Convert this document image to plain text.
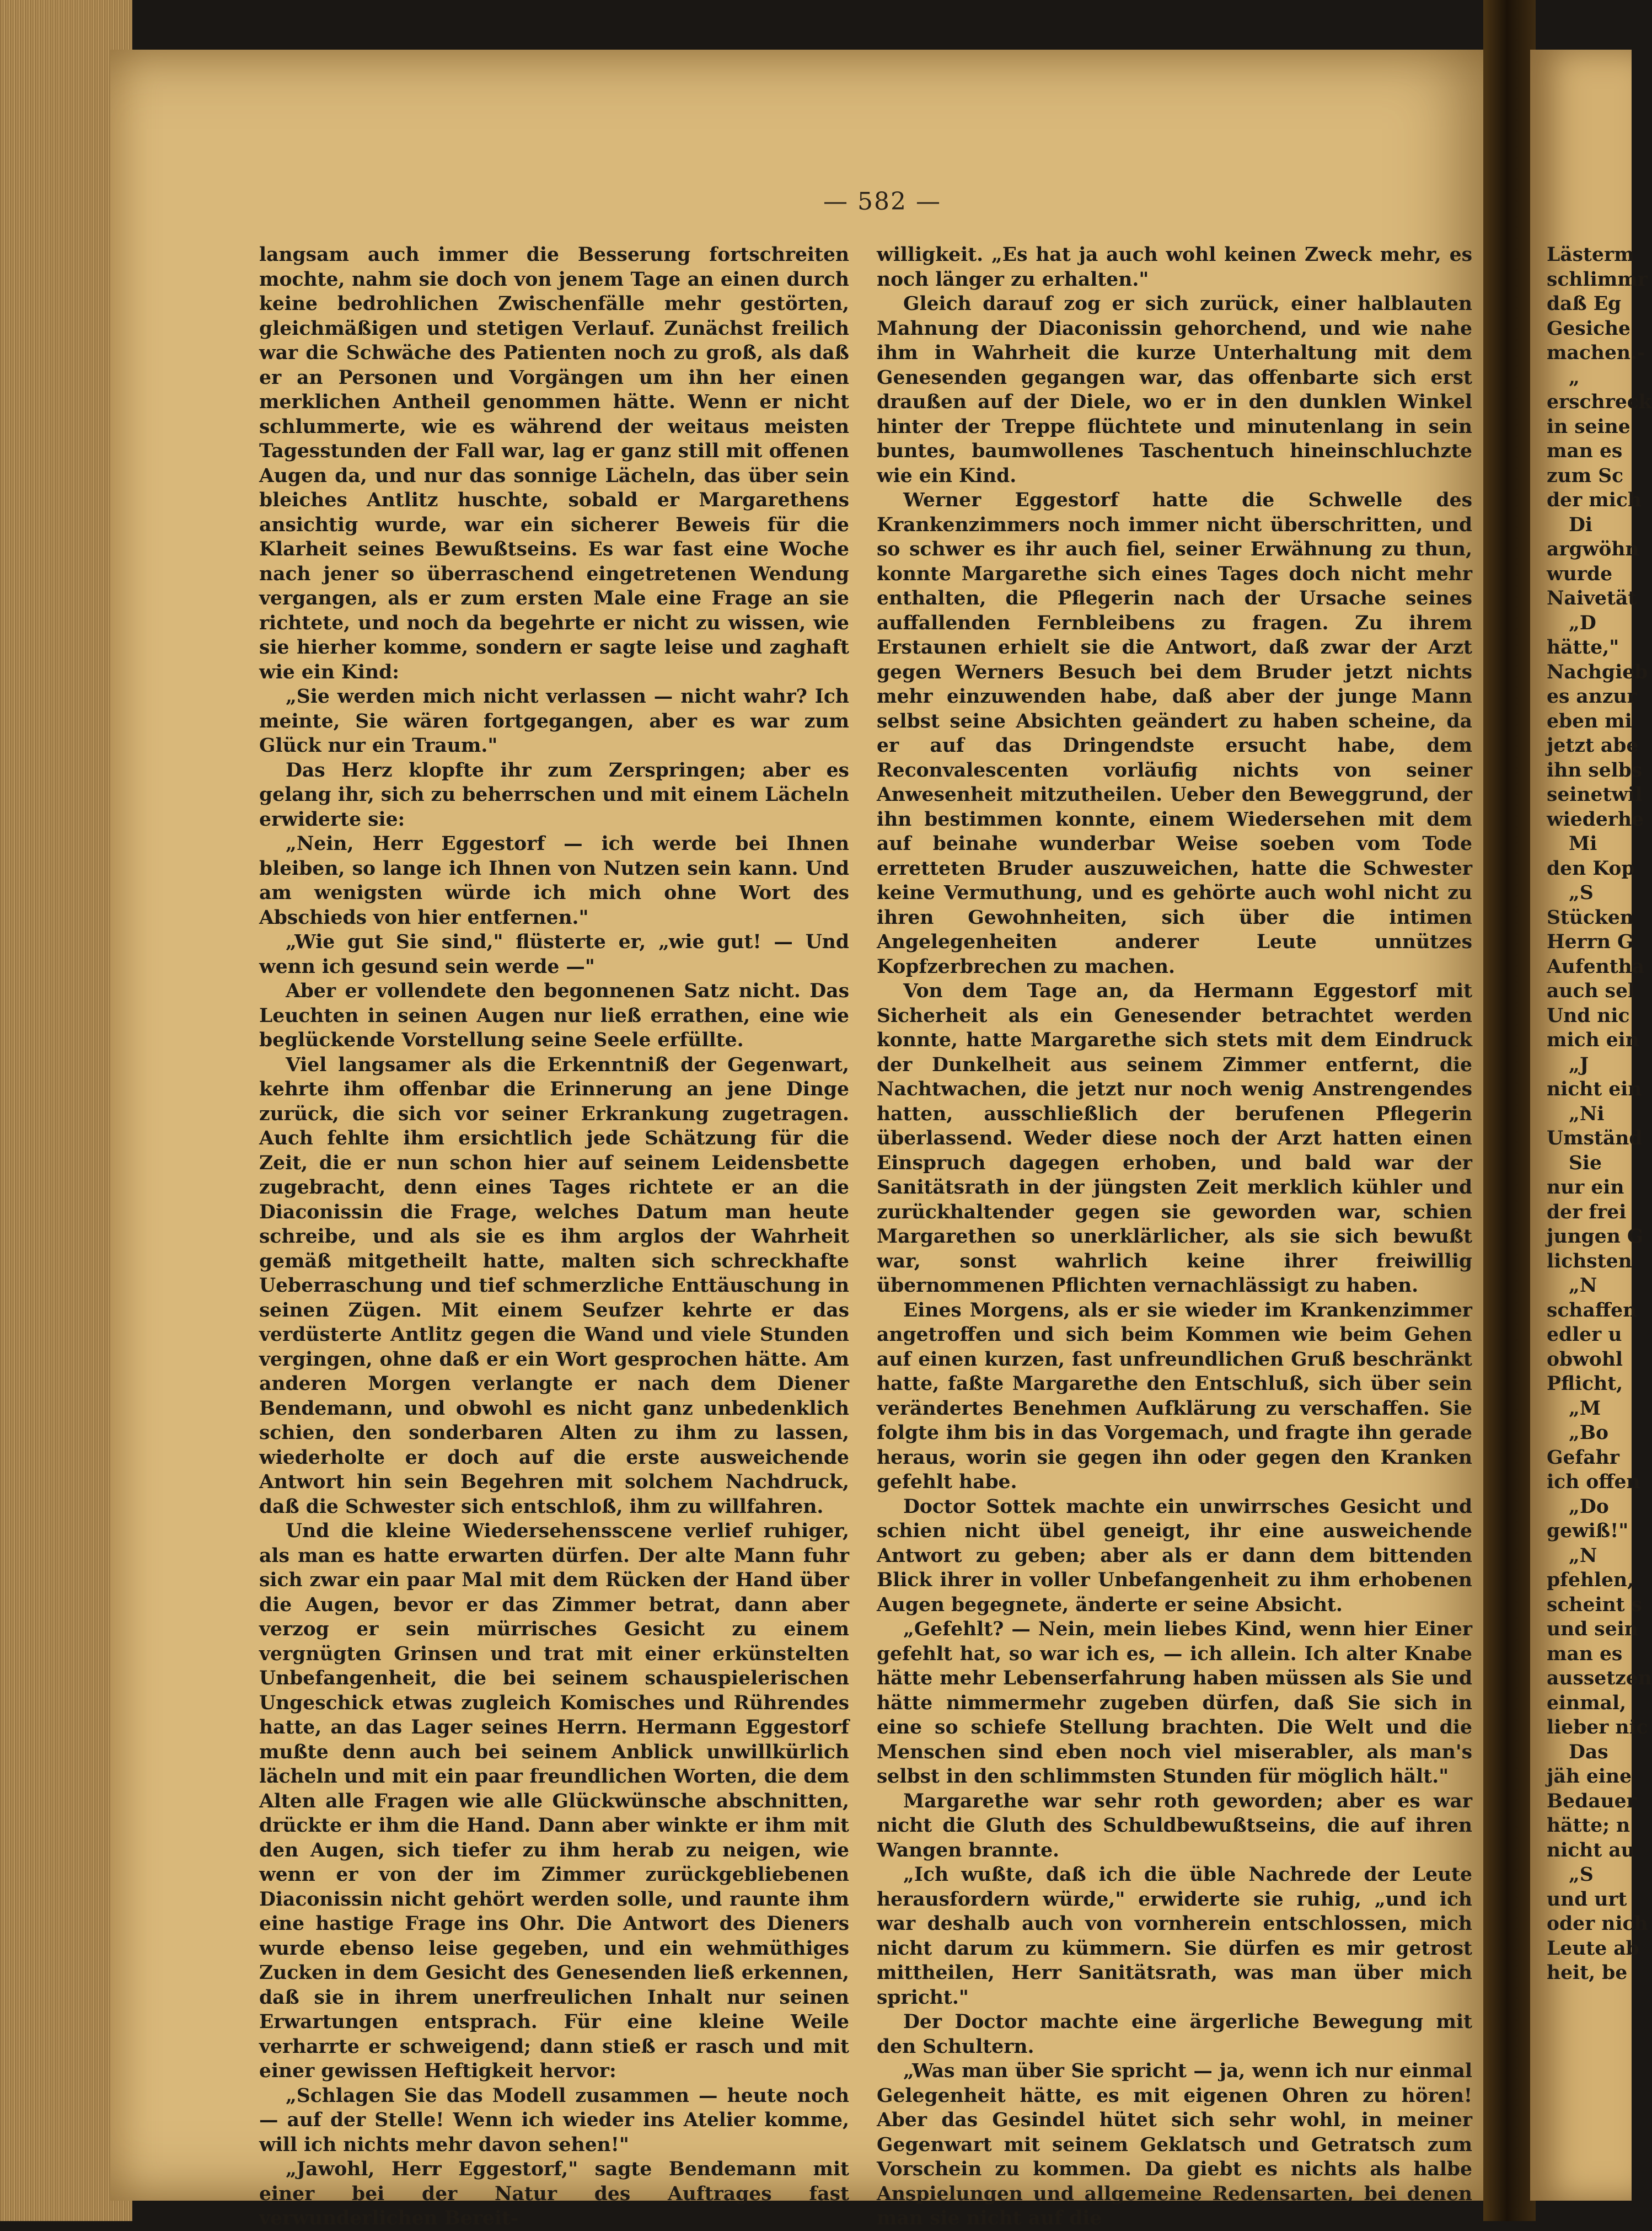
— 582 —

langsam auch immer die Besserung fortschreiten mochte, nahm sie doch von jenem Tage an einen durch keine bedrohlichen Zwischenfälle mehr gestörten, gleichmäßigen und stetigen Verlauf. Zunächst freilich war die Schwäche des Patienten noch zu groß, als daß er an Personen und Vorgängen um ihn her einen merklichen Antheil genommen hätte. Wenn er nicht schlummerte, wie es während der weitaus meisten Tagesstunden der Fall war, lag er ganz still mit offenen Augen da, und nur das sonnige Lächeln, das über sein bleiches Antlitz huschte, sobald er Margarethens ansichtig wurde, war ein sicherer Beweis für die Klarheit seines Bewußtseins. Es war fast eine Woche nach jener so überraschend eingetretenen Wendung vergangen, als er zum ersten Male eine Frage an sie richtete, und noch da begehrte er nicht zu wissen, wie sie hierher komme, sondern er sagte leise und zaghaft wie ein Kind:

„Sie werden mich nicht verlassen — nicht wahr? Ich meinte, Sie wären fortgegangen, aber es war zum Glück nur ein Traum."

Das Herz klopfte ihr zum Zerspringen; aber es gelang ihr, sich zu beherrschen und mit einem Lächeln erwiderte sie:

„Nein, Herr Eggestorf — ich werde bei Ihnen bleiben, so lange ich Ihnen von Nutzen sein kann. Und am wenigsten würde ich mich ohne Wort des Abschieds von hier entfernen."

„Wie gut Sie sind," flüsterte er, „wie gut! — Und wenn ich gesund sein werde —"

Aber er vollendete den begonnenen Satz nicht. Das Leuchten in seinen Augen nur ließ errathen, eine wie beglückende Vorstellung seine Seele erfüllte.

Viel langsamer als die Erkenntniß der Gegenwart, kehrte ihm offenbar die Erinnerung an jene Dinge zurück, die sich vor seiner Erkrankung zugetragen. Auch fehlte ihm ersichtlich jede Schätzung für die Zeit, die er nun schon hier auf seinem Leidensbette zugebracht, denn eines Tages richtete er an die Diaconissin die Frage, welches Datum man heute schreibe, und als sie es ihm arglos der Wahrheit gemäß mitgetheilt hatte, malten sich schreckhafte Ueberraschung und tief schmerzliche Enttäuschung in seinen Zügen. Mit einem Seufzer kehrte er das verdüsterte Antlitz gegen die Wand und viele Stunden vergingen, ohne daß er ein Wort gesprochen hätte. Am anderen Morgen verlangte er nach dem Diener Bendemann, und obwohl es nicht ganz unbedenklich schien, den sonderbaren Alten zu ihm zu lassen, wiederholte er doch auf die erste ausweichende Antwort hin sein Begehren mit solchem Nachdruck, daß die Schwester sich entschloß, ihm zu willfahren.

Und die kleine Wiedersehensscene verlief ruhiger, als man es hatte erwarten dürfen. Der alte Mann fuhr sich zwar ein paar Mal mit dem Rücken der Hand über die Augen, bevor er das Zimmer betrat, dann aber verzog er sein mürrisches Gesicht zu einem vergnügten Grinsen und trat mit einer erkünstelten Unbefangenheit, die bei seinem schauspielerischen Ungeschick etwas zugleich Komisches und Rührendes hatte, an das Lager seines Herrn. Hermann Eggestorf mußte denn auch bei seinem Anblick unwillkürlich lächeln und mit ein paar freundlichen Worten, die dem Alten alle Fragen wie alle Glückwünsche abschnitten, drückte er ihm die Hand. Dann aber winkte er ihm mit den Augen, sich tiefer zu ihm herab zu neigen, wie wenn er von der im Zimmer zurückgebliebenen Diaconissin nicht gehört werden solle, und raunte ihm eine hastige Frage ins Ohr. Die Antwort des Dieners wurde ebenso leise gegeben, und ein wehmüthiges Zucken in dem Gesicht des Genesenden ließ erkennen, daß sie in ihrem unerfreulichen Inhalt nur seinen Erwartungen entsprach. Für eine kleine Weile verharrte er schweigend; dann stieß er rasch und mit einer gewissen Heftigkeit hervor:

„Schlagen Sie das Modell zusammen — heute noch — auf der Stelle! Wenn ich wieder ins Atelier komme, will ich nichts mehr davon sehen!"

„Jawohl, Herr Eggestorf," sagte Bendemann mit einer bei der Natur des Auftrages fast verwunderlichen Bereit-

willigkeit. „Es hat ja auch wohl keinen Zweck mehr, es noch länger zu erhalten."

Gleich darauf zog er sich zurück, einer halblauten Mahnung der Diaconissin gehorchend, und wie nahe ihm in Wahrheit die kurze Unterhaltung mit dem Genesenden gegangen war, das offenbarte sich erst draußen auf der Diele, wo er in den dunklen Winkel hinter der Treppe flüchtete und minutenlang in sein buntes, baumwollenes Taschentuch hineinschluchzte wie ein Kind.

Werner Eggestorf hatte die Schwelle des Krankenzimmers noch immer nicht überschritten, und so schwer es ihr auch fiel, seiner Erwähnung zu thun, konnte Margarethe sich eines Tages doch nicht mehr enthalten, die Pflegerin nach der Ursache seines auffallenden Fernbleibens zu fragen. Zu ihrem Erstaunen erhielt sie die Antwort, daß zwar der Arzt gegen Werners Besuch bei dem Bruder jetzt nichts mehr einzuwenden habe, daß aber der junge Mann selbst seine Absichten geändert zu haben scheine, da er auf das Dringendste ersucht habe, dem Reconvalescenten vorläufig nichts von seiner Anwesenheit mitzutheilen. Ueber den Beweggrund, der ihn bestimmen konnte, einem Wiedersehen mit dem auf beinahe wunderbar Weise soeben vom Tode erretteten Bruder auszuweichen, hatte die Schwester keine Vermuthung, und es gehörte auch wohl nicht zu ihren Gewohnheiten, sich über die intimen Angelegenheiten anderer Leute unnützes Kopfzerbrechen zu machen.

Von dem Tage an, da Hermann Eggestorf mit Sicherheit als ein Genesender betrachtet werden konnte, hatte Margarethe sich stets mit dem Eindruck der Dunkelheit aus seinem Zimmer entfernt, die Nachtwachen, die jetzt nur noch wenig Anstrengendes hatten, ausschließlich der berufenen Pflegerin überlassend. Weder diese noch der Arzt hatten einen Einspruch dagegen erhoben, und bald war der Sanitätsrath in der jüngsten Zeit merklich kühler und zurückhaltender gegen sie geworden war, schien Margarethen so unerklärlicher, als sie sich bewußt war, sonst wahrlich keine ihrer freiwillig übernommenen Pflichten vernachlässigt zu haben.

Eines Morgens, als er sie wieder im Krankenzimmer angetroffen und sich beim Kommen wie beim Gehen auf einen kurzen, fast unfreundlichen Gruß beschränkt hatte, faßte Margarethe den Entschluß, sich über sein verändertes Benehmen Aufklärung zu verschaffen. Sie folgte ihm bis in das Vorgemach, und fragte ihn gerade heraus, worin sie gegen ihn oder gegen den Kranken gefehlt habe.

Doctor Sottek machte ein unwirrsches Gesicht und schien nicht übel geneigt, ihr eine ausweichende Antwort zu geben; aber als er dann dem bittenden Blick ihrer in voller Unbefangenheit zu ihm erhobenen Augen begegnete, änderte er seine Absicht.

„Gefehlt? — Nein, mein liebes Kind, wenn hier Einer gefehlt hat, so war ich es, — ich allein. Ich alter Knabe hätte mehr Lebenserfahrung haben müssen als Sie und hätte nimmermehr zugeben dürfen, daß Sie sich in eine so schiefe Stellung brachten. Die Welt und die Menschen sind eben noch viel miserabler, als man's selbst in den schlimmsten Stunden für möglich hält."

Margarethe war sehr roth geworden; aber es war nicht die Gluth des Schuldbewußtseins, die auf ihren Wangen brannte.

„Ich wußte, daß ich die üble Nachrede der Leute herausfordern würde," erwiderte sie ruhig, „und ich war deshalb auch von vornherein entschlossen, mich nicht darum zu kümmern. Sie dürfen es mir getrost mittheilen, Herr Sanitätsrath, was man über mich spricht."

Der Doctor machte eine ärgerliche Bewegung mit den Schultern.

„Was man über Sie spricht — ja, wenn ich nur einmal Gelegenheit hätte, es mit eigenen Ohren zu hören! Aber das Gesindel hütet sich sehr wohl, in meiner Gegenwart mit seinem Geklatsch und Getratsch zum Vorschein zu kommen. Da giebt es nichts als halbe Anspielungen und allgemeine Redensarten, bei denen man sie nicht auf die

Lästerm
schlimmr
daß Eg
Gesiche
machen.-
„
erschreck
in seine
man es
zum Sc
der mich
Di
argwöhn
wurde
Naivetät
„D
hätte,"
Nachgieb
es anzur
eben mi
jetzt abe
ihn selbs
seinetwil
wiederhe
Mi
den Kop
„S
Stücken
Herrn G
Aufentha
auch sel
Und nic
mich ein
„J
nicht ein
„Ni
Umständ
Sie
nur ein
der frei
jungen G
lichsten
„N
schaffen
edler u
obwohl
Pflicht,
„M
„Bo
Gefahr
ich offen
„Do
gewiß!"
„N
pfehlen,
scheint s
und sein
man es
aussetzen
einmal,
lieber nic
Das
jäh eine
Bedauer
hätte; n
nicht au
„S
und urt
oder nich
Leute ab
heit, be
